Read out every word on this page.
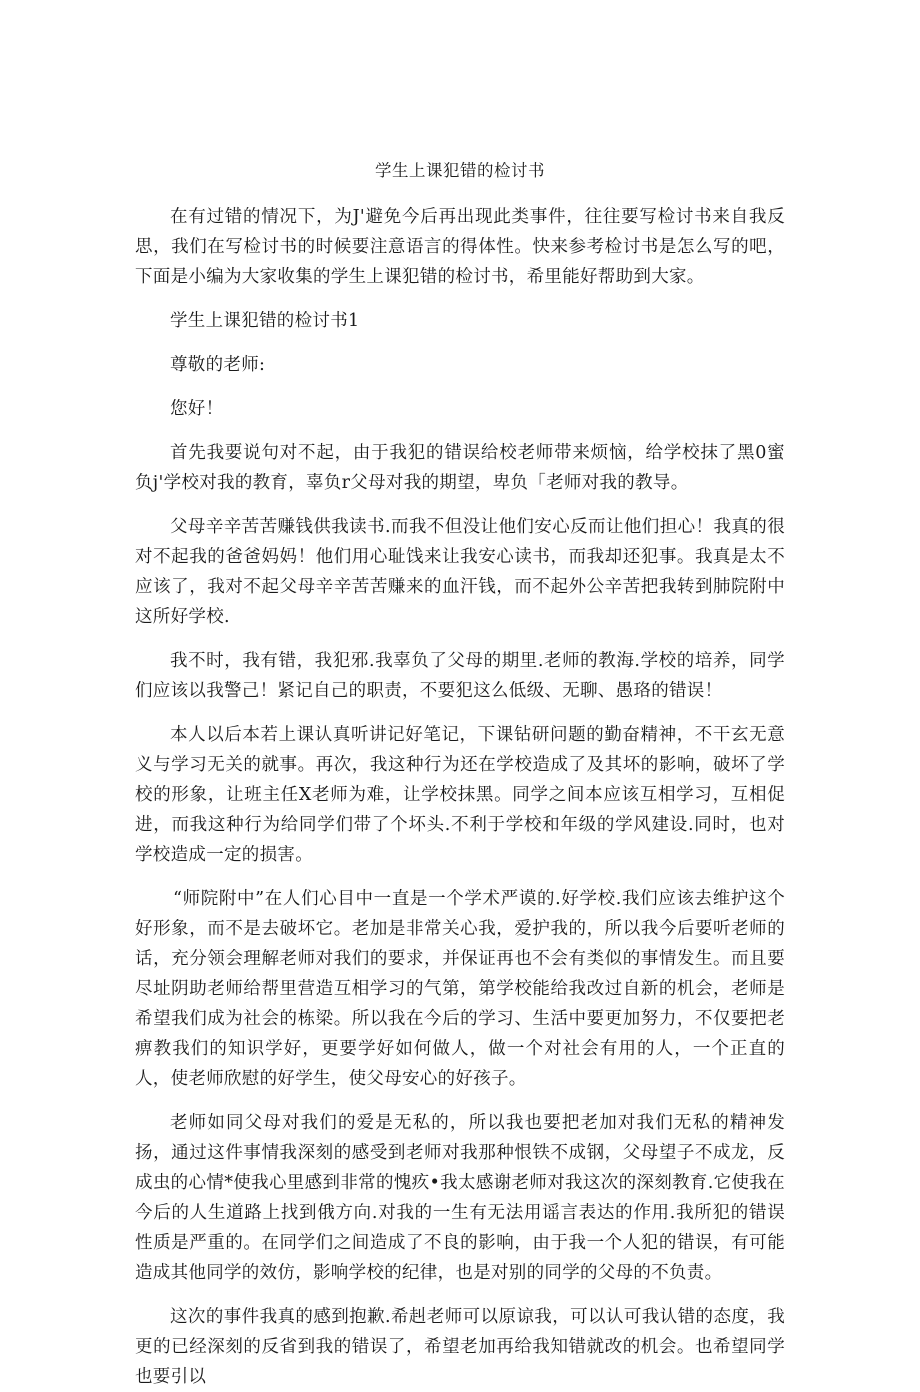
学生上课犯错的检讨书

在有过错的情况下，为J'避免今后再出现此类事件，往往要写检讨书来自我反思，我们在写检讨书的时候要注意语言的得体性。快来参考检讨书是怎么写的吧，下面是小编为大家收集的学生上课犯错的检讨书，希里能好帮助到大家。

学生上课犯错的检讨书1

尊敬的老师:

您好！

首先我要说句对不起，由于我犯的错误给校老师带来烦恼，给学校抹了黑0蜜负j'学校对我的教育，辜负r父母对我的期望，卑负「老师对我的教导。

父母辛辛苦苦赚钱供我读书.而我不但没让他们安心反而让他们担心！我真的很对不起我的爸爸妈妈！他们用心耻饯来让我安心读书，而我却还犯事。我真是太不应该了，我对不起父母辛辛苦苦赚来的血汗钱，而不起外公辛苦把我转到肺院附中这所好学校.

我不时，我有错，我犯邪.我辜负了父母的期里.老师的教海.学校的培养，同学们应该以我警己！紧记自己的职责，不要犯这么低级、无聊、愚珞的错误！

本人以后本若上课认真听讲记好笔记，下课钻研问题的勤奋精神，不干玄无意义与学习无关的就事。再次，我这种行为还在学校造成了及其坏的影响，破坏了学校的形象，让班主任X老师为难，让学校抹黑。同学之间本应该互相学习，互相促进，而我这种行为给同学们带了个坏头.不利于学校和年级的学风建设.同时，也对学校造成一定的损害。

“师院附中”在人们心目中一直是一个学术严谟的.好学校.我们应该去维护这个好形象，而不是去破坏它。老加是非常关心我，爱护我的，所以我今后要听老师的话，充分领会理解老师对我们的要求，并保证再也不会有类似的事情发生。而且要尽址阴助老师给帮里营造互相学习的气第，第学校能给我改过自新的机会，老师是希望我们成为社会的栋梁。所以我在今后的学习、生活中要更加努力，不仅要把老痹教我们的知识学好，更要学好如何做人，做一个对社会有用的人，一个正直的人，使老师欣慰的好学生，使父母安心的好孩子。

老师如同父母对我们的爱是无私的，所以我也要把老加对我们无私的精神发扬，通过这件事情我深刻的感受到老师对我那种恨铁不成钢，父母望子不成龙，反成虫的心情*使我心里感到非常的愧疚•我太感谢老师对我这次的深刻教育.它使我在今后的人生道路上找到俄方向.对我的一生有无法用谣言表达的作用.我所犯的错误性质是严重的。在同学们之间造成了不良的影响，由于我一个人犯的错误，有可能造成其他同学的效仿，影响学校的纪律，也是对别的同学的父母的不负责。

这次的事件我真的感到抱歉.希赳老师可以原谅我，可以认可我认错的态度，我更的已经深刻的反省到我的错误了，希望老加再给我知错就改的机会。也希望同学也要引以
